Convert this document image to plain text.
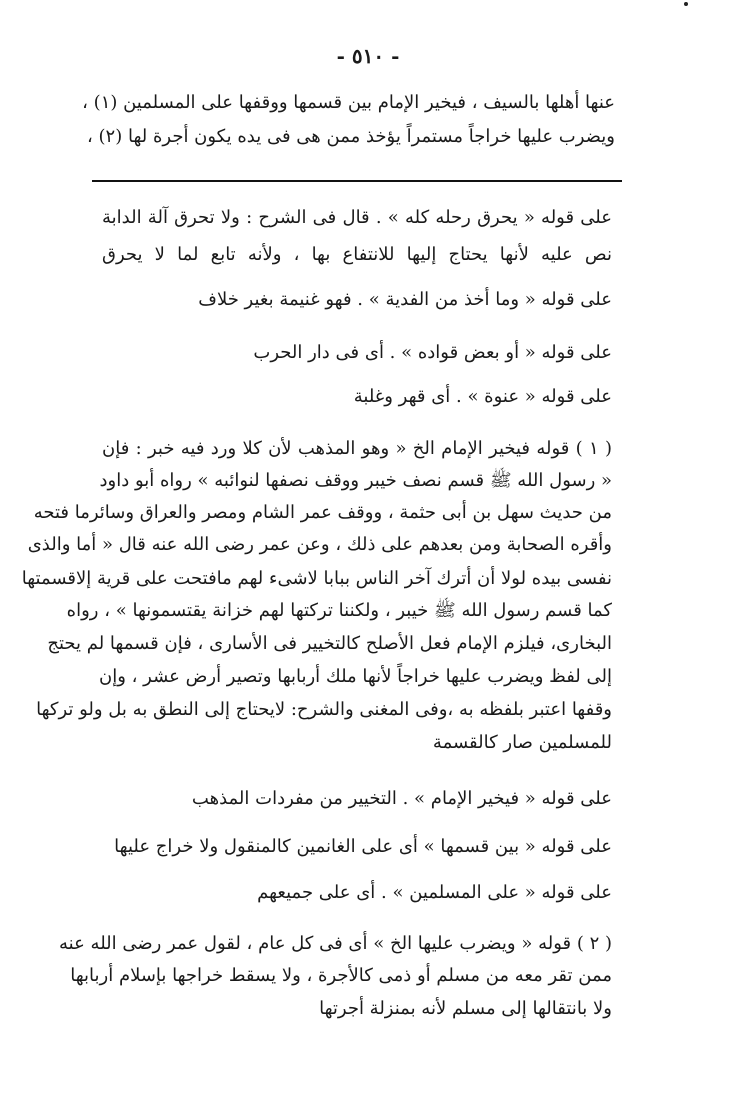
- ٥١٠ -
عنها أهلها بالسيف ، فيخير الإمام بين قسمها ووقفها على المسلمين (١) ،
ويضرب عليها خراجاً مستمراً يؤخذ ممن هى فى يده يكون أجرة لها (٢) ،
على قوله « يحرق رحله كله » . قال فى الشرح : ولا تحرق آلة الدابة
نص عليه لأنها يحتاج إليها للانتفاع بها ، ولأنه تابع لما لا يحرق
على قوله « وما أخذ من الفدية » . فهو غنيمة بغير خلاف
على قوله « أو بعض قواده » . أى فى دار الحرب
على قوله « عنوة » . أى قهر وغلبة
( ١ ) قوله فيخير الإمام الخ « وهو المذهب لأن كلا ورد فيه خبر : فإن
« رسول الله ﷺ قسم نصف خيبر ووقف نصفها لنوائبه » رواه أبو داود
من حديث سهل بن أبى حثمة ، ووقف عمر الشام ومصر والعراق وسائرما فتحه
وأقره الصحابة ومن بعدهم على ذلك ، وعن عمر رضى الله عنه قال « أما والذى
نفسى بيده لولا أن أترك آخر الناس ببابا لاشىء لهم مافتحت على قرية إلاقسمتها
كما قسم رسول الله ﷺ خيبر ، ولكننا تركتها لهم خزانة يقتسمونها » ، رواه
البخارى، فيلزم الإمام فعل الأصلح كالتخيير فى الأسارى ، فإن قسمها لم يحتج
إلى لفظ ويضرب عليها خراجاً لأنها ملك أربابها وتصير أرض عشر ، وإن
وقفها اعتبر بلفظه به ،وفى المغنى والشرح: لايحتاج إلى النطق به بل ولو تركها
للمسلمين صار كالقسمة
على قوله « فيخير الإمام » . التخيير من مفردات المذهب
على قوله « بين قسمها » أى على الغانمين كالمنقول ولا خراج عليها
على قوله « على المسلمين » . أى على جميعهم
( ٢ ) قوله « ويضرب عليها الخ » أى فى كل عام ، لقول عمر رضى الله عنه
ممن تقر معه من مسلم أو ذمى كالأجرة ، ولا يسقط خراجها بإسلام أربابها
ولا بانتقالها إلى مسلم لأنه بمنزلة أجرتها
